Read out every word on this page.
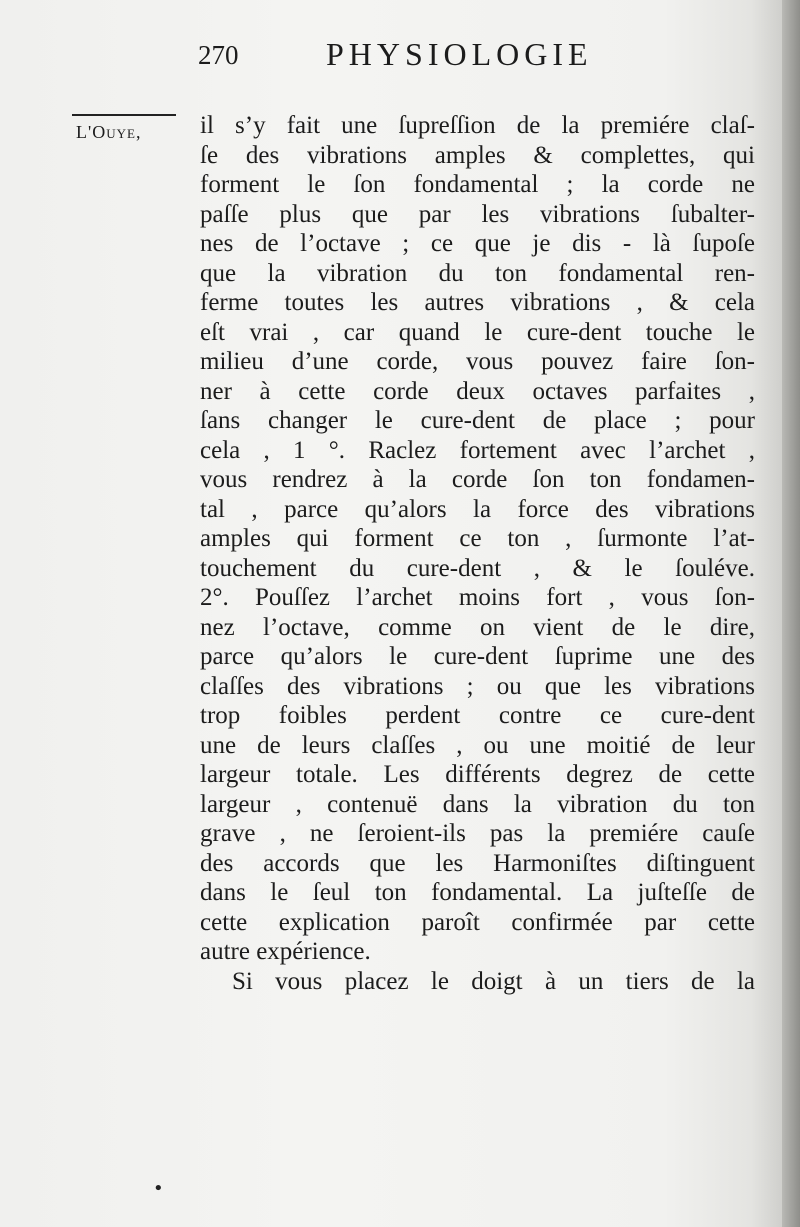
270	PHYSIOLOGIE
L'Ouye, il s’y fait une ſupreſſion de la premiére claſ-
ſe des vibrations amples & complettes, qui
forment le ſon fondamental ; la corde ne
paſſe plus que par les vibrations ſubalter-
nes de l’octave ; ce que je dis - là ſupoſe
que la vibration du ton fondamental ren-
ferme toutes les autres vibrations , & cela
eſt vrai , car quand le cure-dent touche le
milieu d’une corde, vous pouvez faire ſon-
ner à cette corde deux octaves parfaites ,
ſans changer le cure-dent de place ; pour
cela , 1 °. Raclez fortement avec l’archet ,
vous rendrez à la corde ſon ton fondamen-
tal , parce qu’alors la force des vibrations
amples qui forment ce ton , ſurmonte l’at-
touchement du cure-dent , & le ſouléve.
2°. Pouſſez l’archet moins fort , vous ſon-
nez l’octave, comme on vient de le dire,
parce qu’alors le cure-dent ſuprime une des
claſſes des vibrations ; ou que les vibrations
trop foibles perdent contre ce cure-dent
une de leurs claſſes , ou une moitié de leur
largeur totale. Les différents degrez de cette
largeur , contenuë dans la vibration du ton
grave , ne ſeroient-ils pas la premiére cauſe
des accords que les Harmoniſtes diſtinguent
dans le ſeul ton fondamental. La juſteſſe de
cette explication paroît confirmée par cette
autre expérience.
Si vous placez le doigt à un tiers de la
•
